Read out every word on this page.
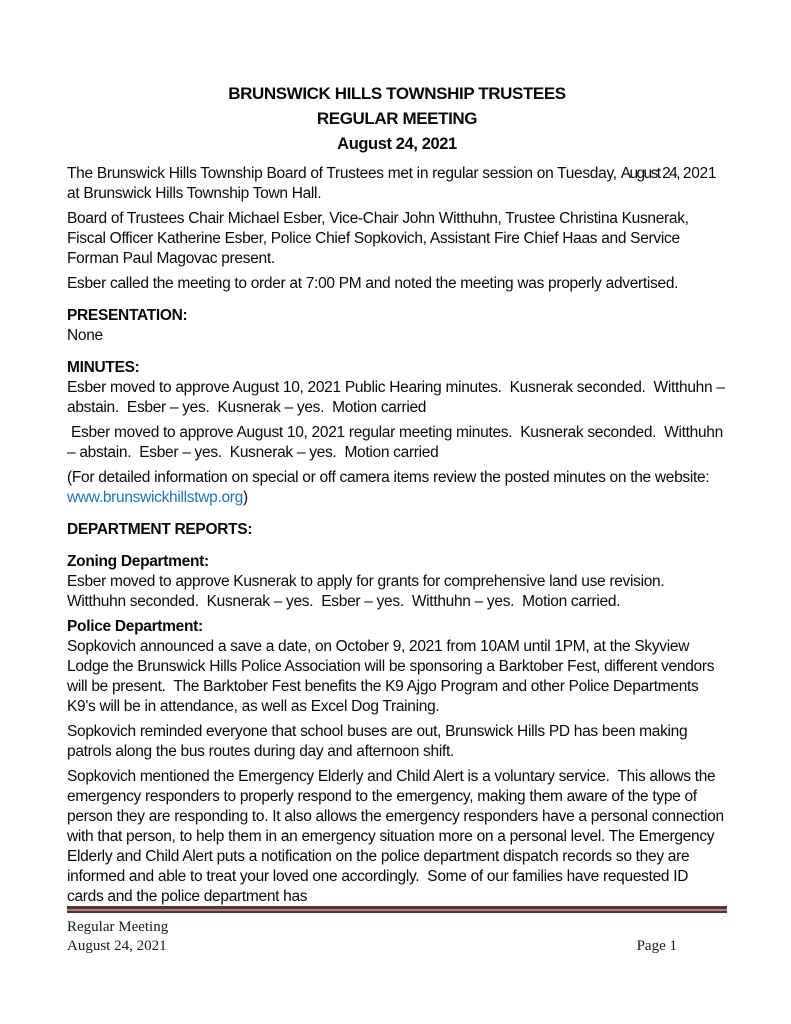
BRUNSWICK HILLS TOWNSHIP TRUSTEES
REGULAR MEETING
August 24, 2021

The Brunswick Hills Township Board of Trustees met in regular session on Tuesday, August 24, 2021 at Brunswick Hills Township Town Hall.

Board of Trustees Chair Michael Esber, Vice-Chair John Witthuhn, Trustee Christina Kusnerak, Fiscal Officer Katherine Esber, Police Chief Sopkovich, Assistant Fire Chief Haas and Service Forman Paul Magovac present.

Esber called the meeting to order at 7:00 PM and noted the meeting was properly advertised.

PRESENTATION:

None

MINUTES:

Esber moved to approve August 10, 2021 Public Hearing minutes.  Kusnerak seconded.  Witthuhn – abstain.  Esber – yes.  Kusnerak – yes.  Motion carried

Esber moved to approve August 10, 2021 regular meeting minutes.  Kusnerak seconded.  Witthuhn – abstain.  Esber – yes.  Kusnerak – yes.  Motion carried

(For detailed information on special or off camera items review the posted minutes on the website: www.brunswickhillstwp.org)

DEPARTMENT REPORTS:
Zoning Department:

Esber moved to approve Kusnerak to apply for grants for comprehensive land use revision.  Witthuhn seconded.  Kusnerak – yes.  Esber – yes.  Witthuhn – yes.  Motion carried.

Police Department:

Sopkovich announced a save a date, on October 9, 2021 from 10AM until 1PM, at the Skyview Lodge the Brunswick Hills Police Association will be sponsoring a Barktober Fest, different vendors will be present.  The Barktober Fest benefits the K9 Ajgo Program and other Police Departments K9's will be in attendance, as well as Excel Dog Training.

Sopkovich reminded everyone that school buses are out, Brunswick Hills PD has been making patrols along the bus routes during day and afternoon shift.

Sopkovich mentioned the Emergency Elderly and Child Alert is a voluntary service.  This allows the emergency responders to properly respond to the emergency, making them aware of the type of person they are responding to. It also allows the emergency responders have a personal connection with that person, to help them in an emergency situation more on a personal level. The Emergency Elderly and Child Alert puts a notification on the police department dispatch records so they are informed and able to treat your loved one accordingly.  Some of our families have requested ID cards and the police department has

Regular Meeting
August 24, 2021	Page 1
